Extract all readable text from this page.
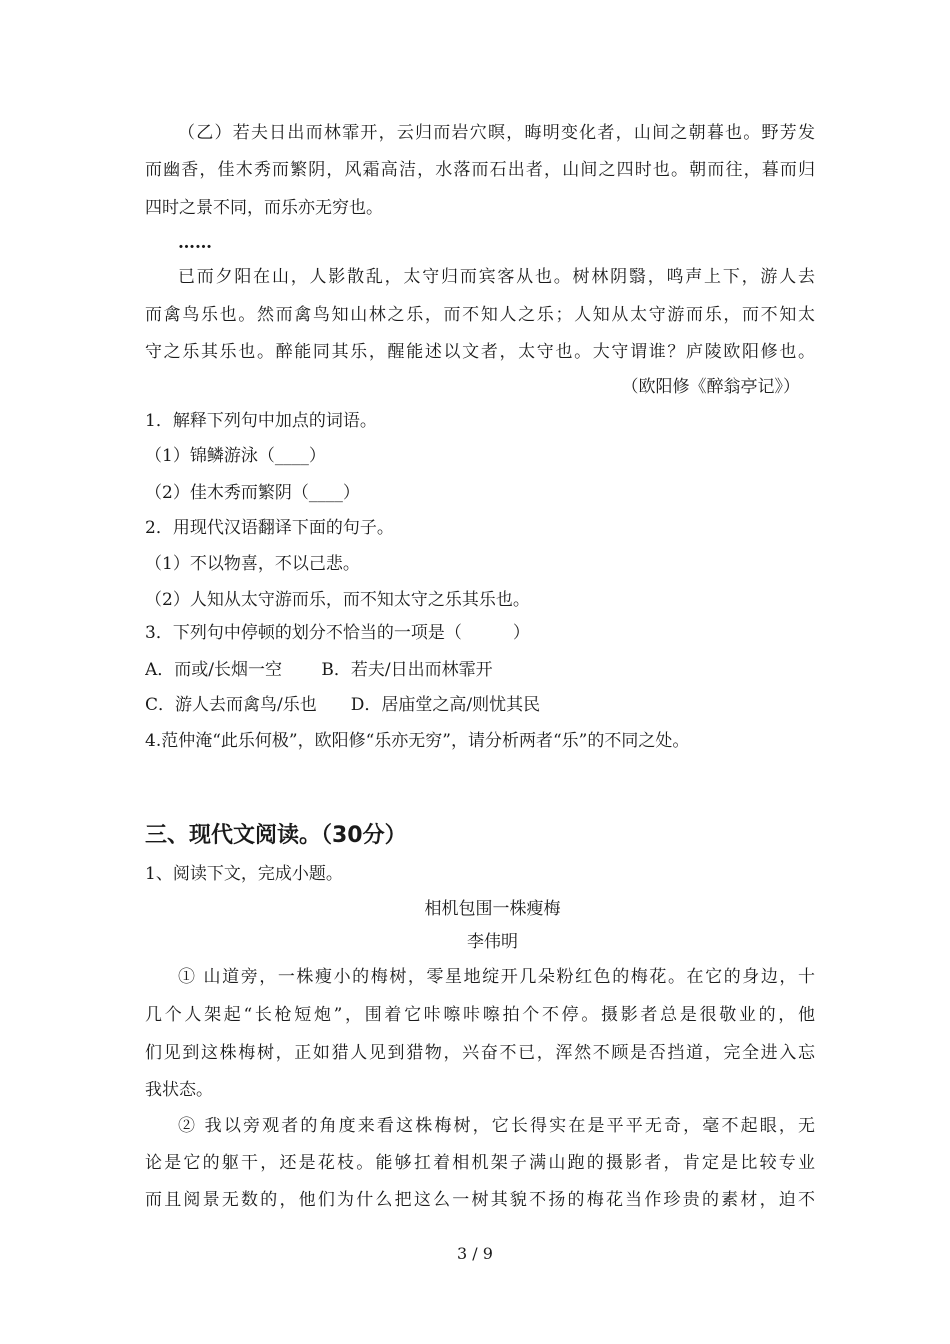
（乙）若夫日出而林霏开，云归而岩穴暝，晦明变化者，山间之朝暮也。野芳发
而幽香，佳木秀而繁阴，风霜高洁，水落而石出者，山间之四时也。朝而往，暮而归
四时之景不同，而乐亦无穷也。
……
已而夕阳在山，人影散乱，太守归而宾客从也。树林阴翳，鸣声上下，游人去
而禽鸟乐也。然而禽鸟知山林之乐，而不知人之乐；人知从太守游而乐，而不知太
守之乐其乐也。醉能同其乐，醒能述以文者，太守也。大守谓谁？庐陵欧阳修也。
（欧阳修《醉翁亭记》）
1．解释下列句中加点的词语。
（1）锦鳞游泳（____）
（2）佳木秀而繁阴（____）
2．用现代汉语翻译下面的句子。
（1）不以物喜，不以己悲。
（2）人知从太守游而乐，而不知太守之乐其乐也。
3．下列句中停顿的划分不恰当的一项是（　　　）
A．而或/长烟一空　　 B．若夫/日出而林霏开
C．游人去而禽鸟/乐也　　D．居庙堂之高/则忧其民
4.范仲淹“此乐何极”，欧阳修“乐亦无穷”，请分析两者“乐”的不同之处。
三、现代文阅读。（30分）
1、阅读下文，完成小题。
相机包围一株瘦梅
李伟明
① 山道旁，一株瘦小的梅树，零星地绽开几朵粉红色的梅花。在它的身边，十
几个人架起“长枪短炮”，围着它咔嚓咔嚓拍个不停。摄影者总是很敬业的，他
们见到这株梅树，正如猎人见到猎物，兴奋不已，浑然不顾是否挡道，完全进入忘
我状态。
② 我以旁观者的角度来看这株梅树，它长得实在是平平无奇，毫不起眼，无
论是它的躯干，还是花枝。能够扛着相机架子满山跑的摄影者，肯定是比较专业
而且阅景无数的，他们为什么把这么一树其貌不扬的梅花当作珍贵的素材，迫不
3 / 9
